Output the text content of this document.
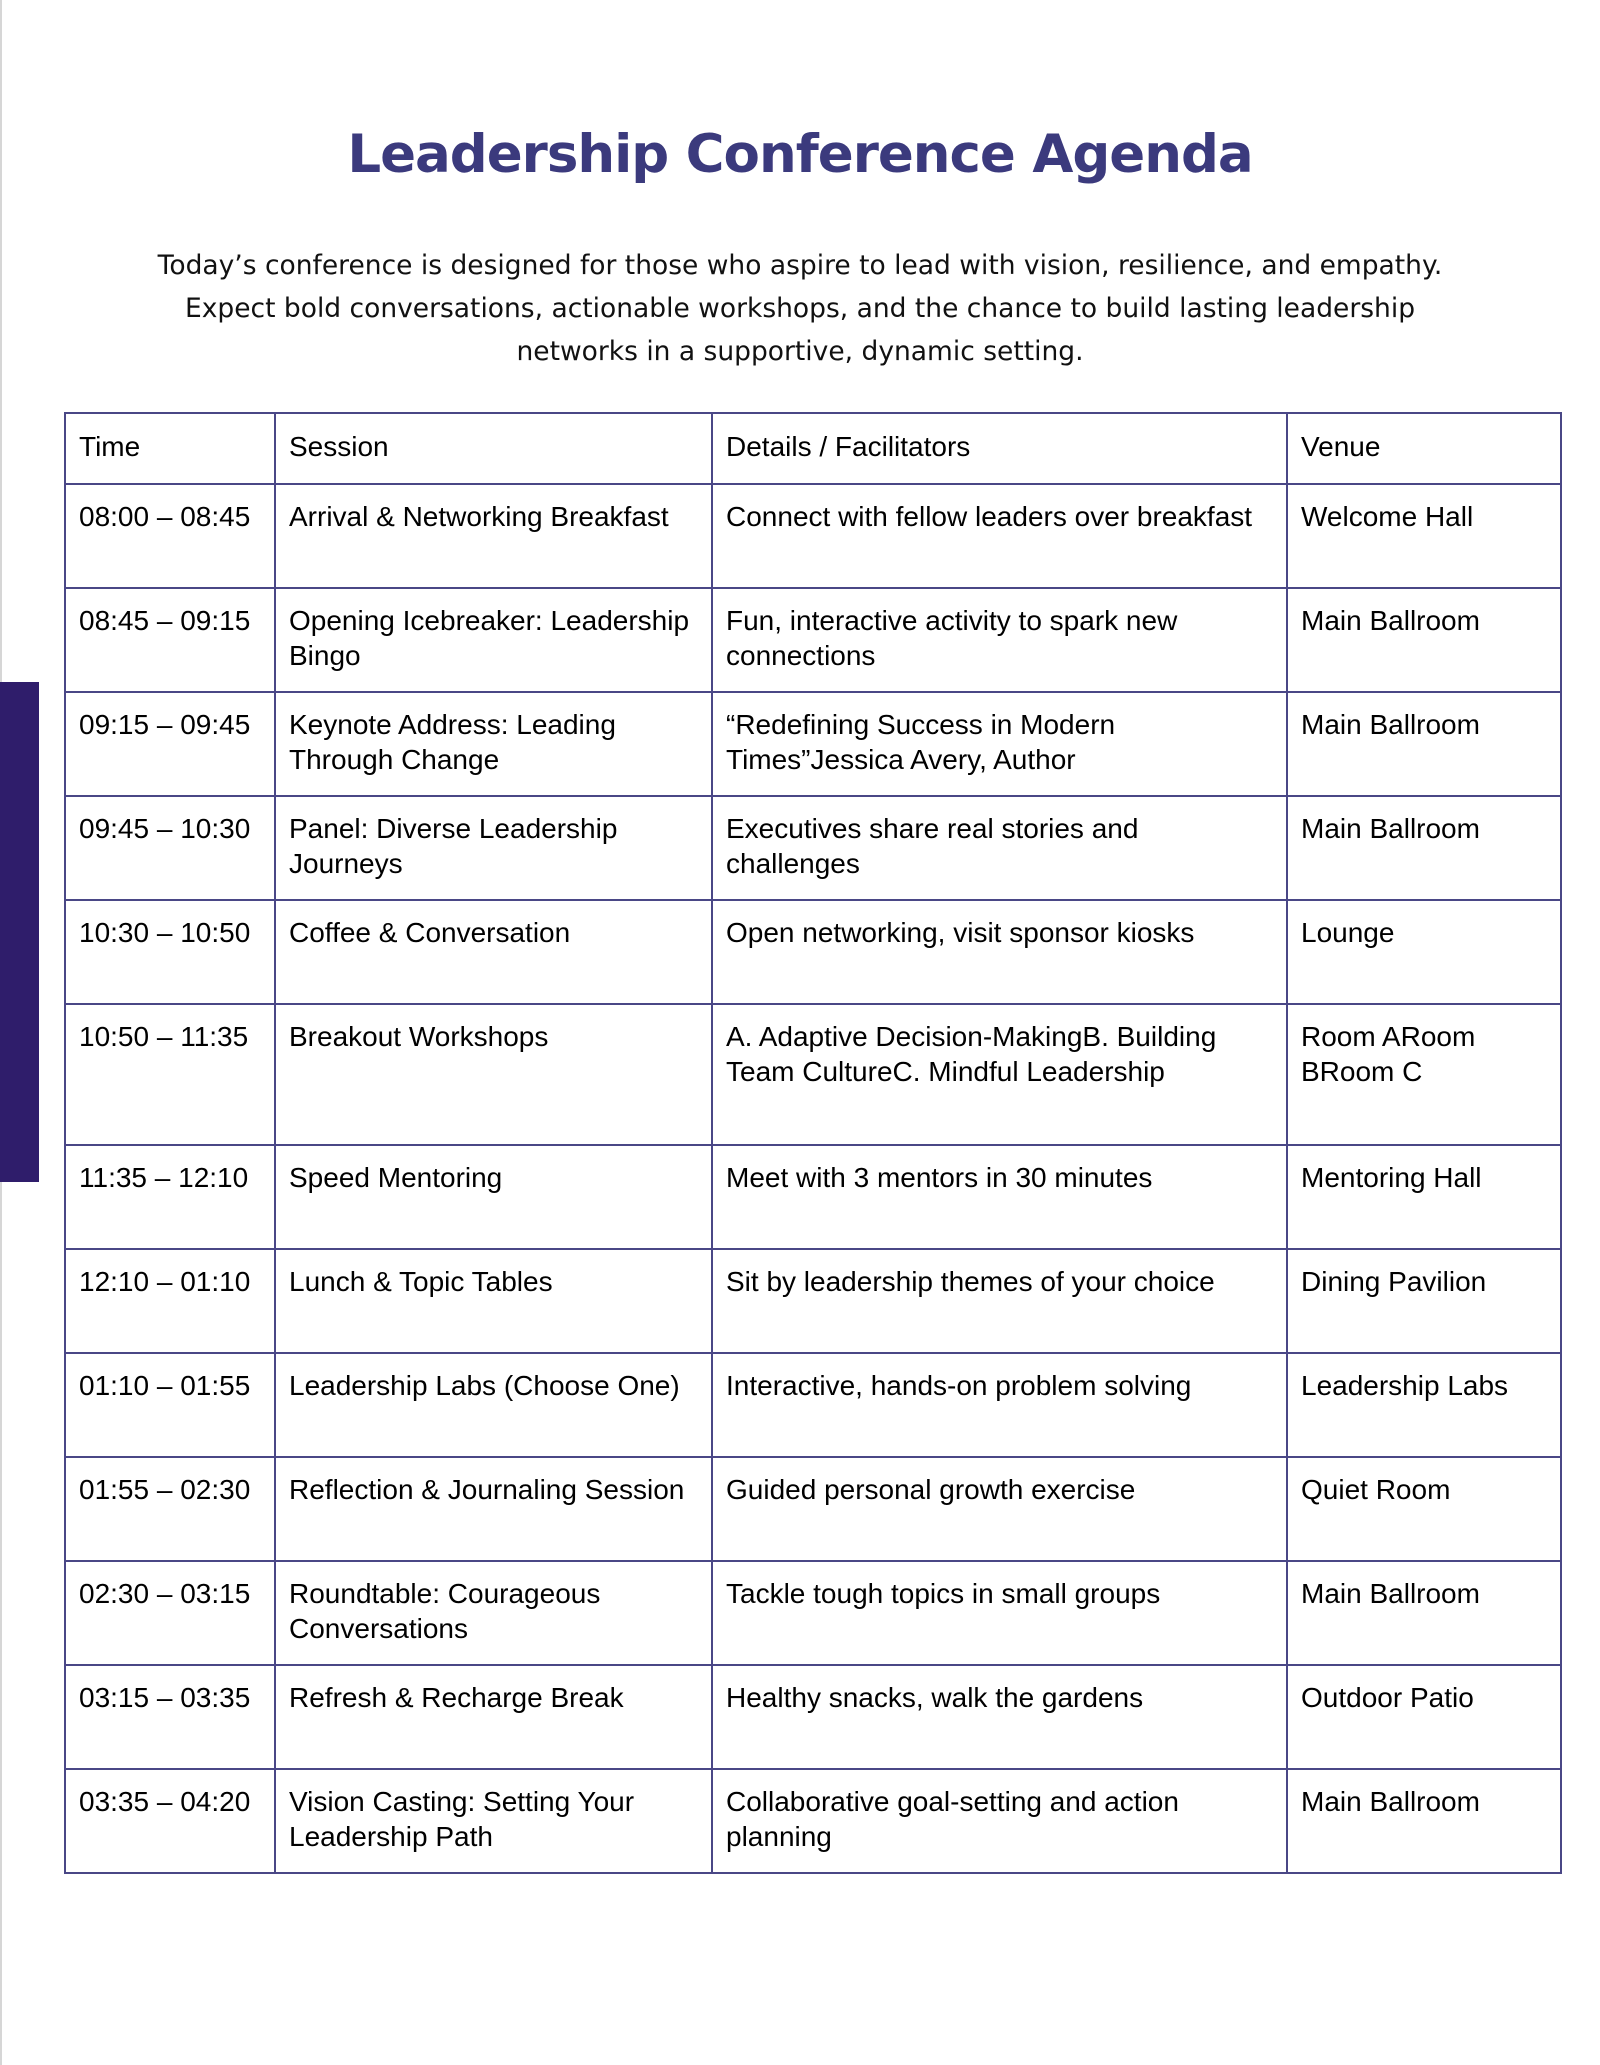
Leadership Conference Agenda

Today’s conference is designed for those who aspire to lead with vision, resilience, and empathy. Expect bold conversations, actionable workshops, and the chance to build lasting leadership networks in a supportive, dynamic setting.

Time	Session	Details / Facilitators	Venue
08:00 – 08:45	Arrival & Networking Breakfast	Connect with fellow leaders over breakfast	Welcome Hall
08:45 – 09:15	Opening Icebreaker: Leadership Bingo	Fun, interactive activity to spark new connections	Main Ballroom
09:15 – 09:45	Keynote Address: Leading Through Change	“Redefining Success in Modern Times”Jessica Avery, Author	Main Ballroom
09:45 – 10:30	Panel: Diverse Leadership Journeys	Executives share real stories and challenges	Main Ballroom
10:30 – 10:50	Coffee & Conversation	Open networking, visit sponsor kiosks	Lounge
10:50 – 11:35	Breakout Workshops	A. Adaptive Decision-MakingB. Building Team CultureC. Mindful Leadership	Room ARoom BRoom C
11:35 – 12:10	Speed Mentoring	Meet with 3 mentors in 30 minutes	Mentoring Hall
12:10 – 01:10	Lunch & Topic Tables	Sit by leadership themes of your choice	Dining Pavilion
01:10 – 01:55	Leadership Labs (Choose One)	Interactive, hands-on problem solving	Leadership Labs
01:55 – 02:30	Reflection & Journaling Session	Guided personal growth exercise	Quiet Room
02:30 – 03:15	Roundtable: Courageous Conversations	Tackle tough topics in small groups	Main Ballroom
03:15 – 03:35	Refresh & Recharge Break	Healthy snacks, walk the gardens	Outdoor Patio
03:35 – 04:20	Vision Casting: Setting Your Leadership Path	Collaborative goal-setting and action planning	Main Ballroom
